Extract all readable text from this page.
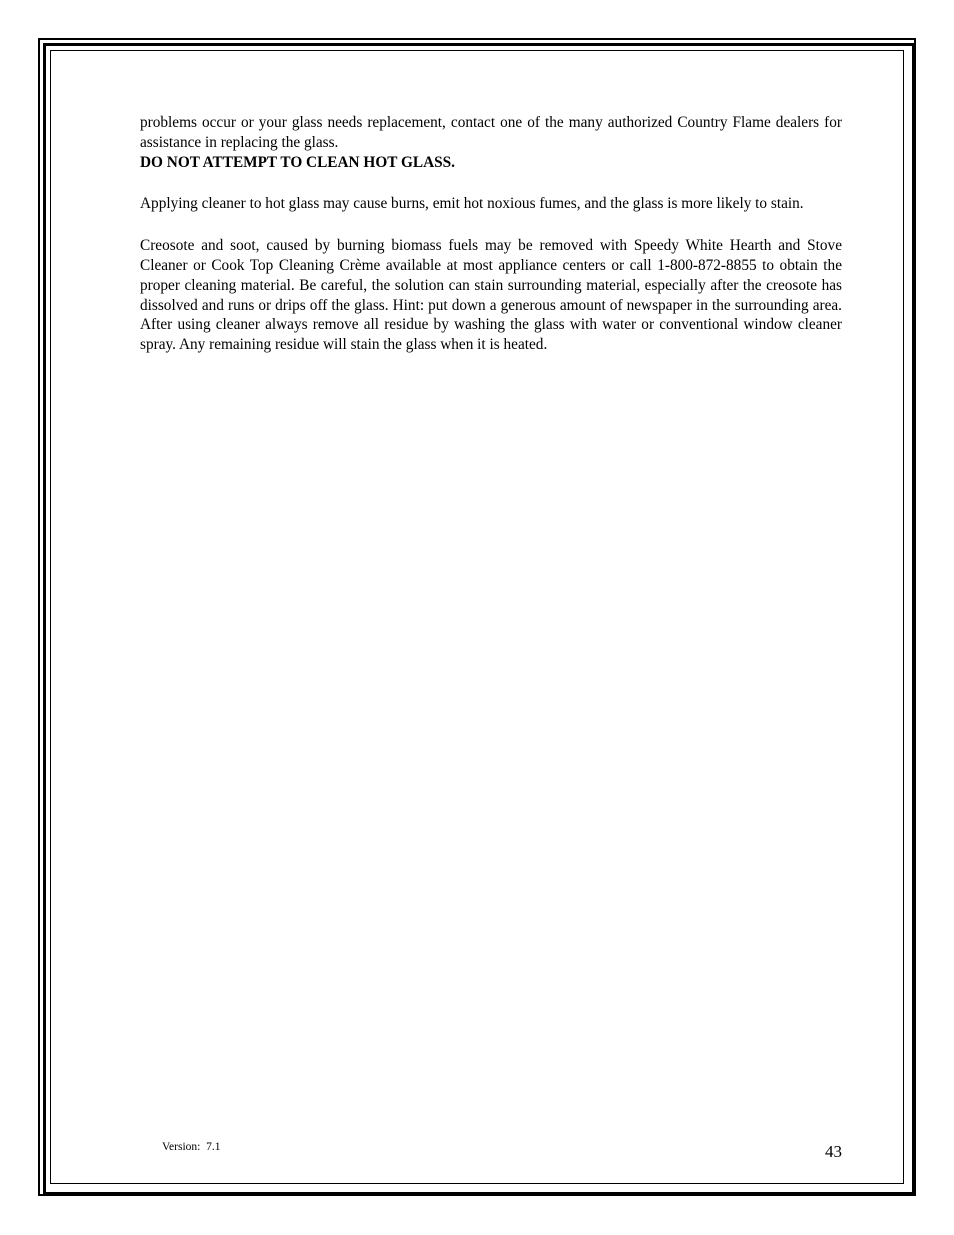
problems occur or your glass needs replacement, contact one of the many authorized Country Flame dealers for assistance in replacing the glass.

DO NOT ATTEMPT TO CLEAN HOT GLASS.

Applying cleaner to hot glass may cause burns, emit hot noxious fumes, and the glass is more likely to stain.

Creosote and soot, caused by burning biomass fuels may be removed with Speedy White Hearth and Stove Cleaner or Cook Top Cleaning Crème available at most appliance centers or call 1-800-872-8855 to obtain the proper cleaning material. Be careful, the solution can stain surrounding material, especially after the creosote has dissolved and runs or drips off the glass. Hint: put down a generous amount of newspaper in the surrounding area. After using cleaner always remove all residue by washing the glass with water or conventional window cleaner spray. Any remaining residue will stain the glass when it is heated.

Version:  7.1	43
